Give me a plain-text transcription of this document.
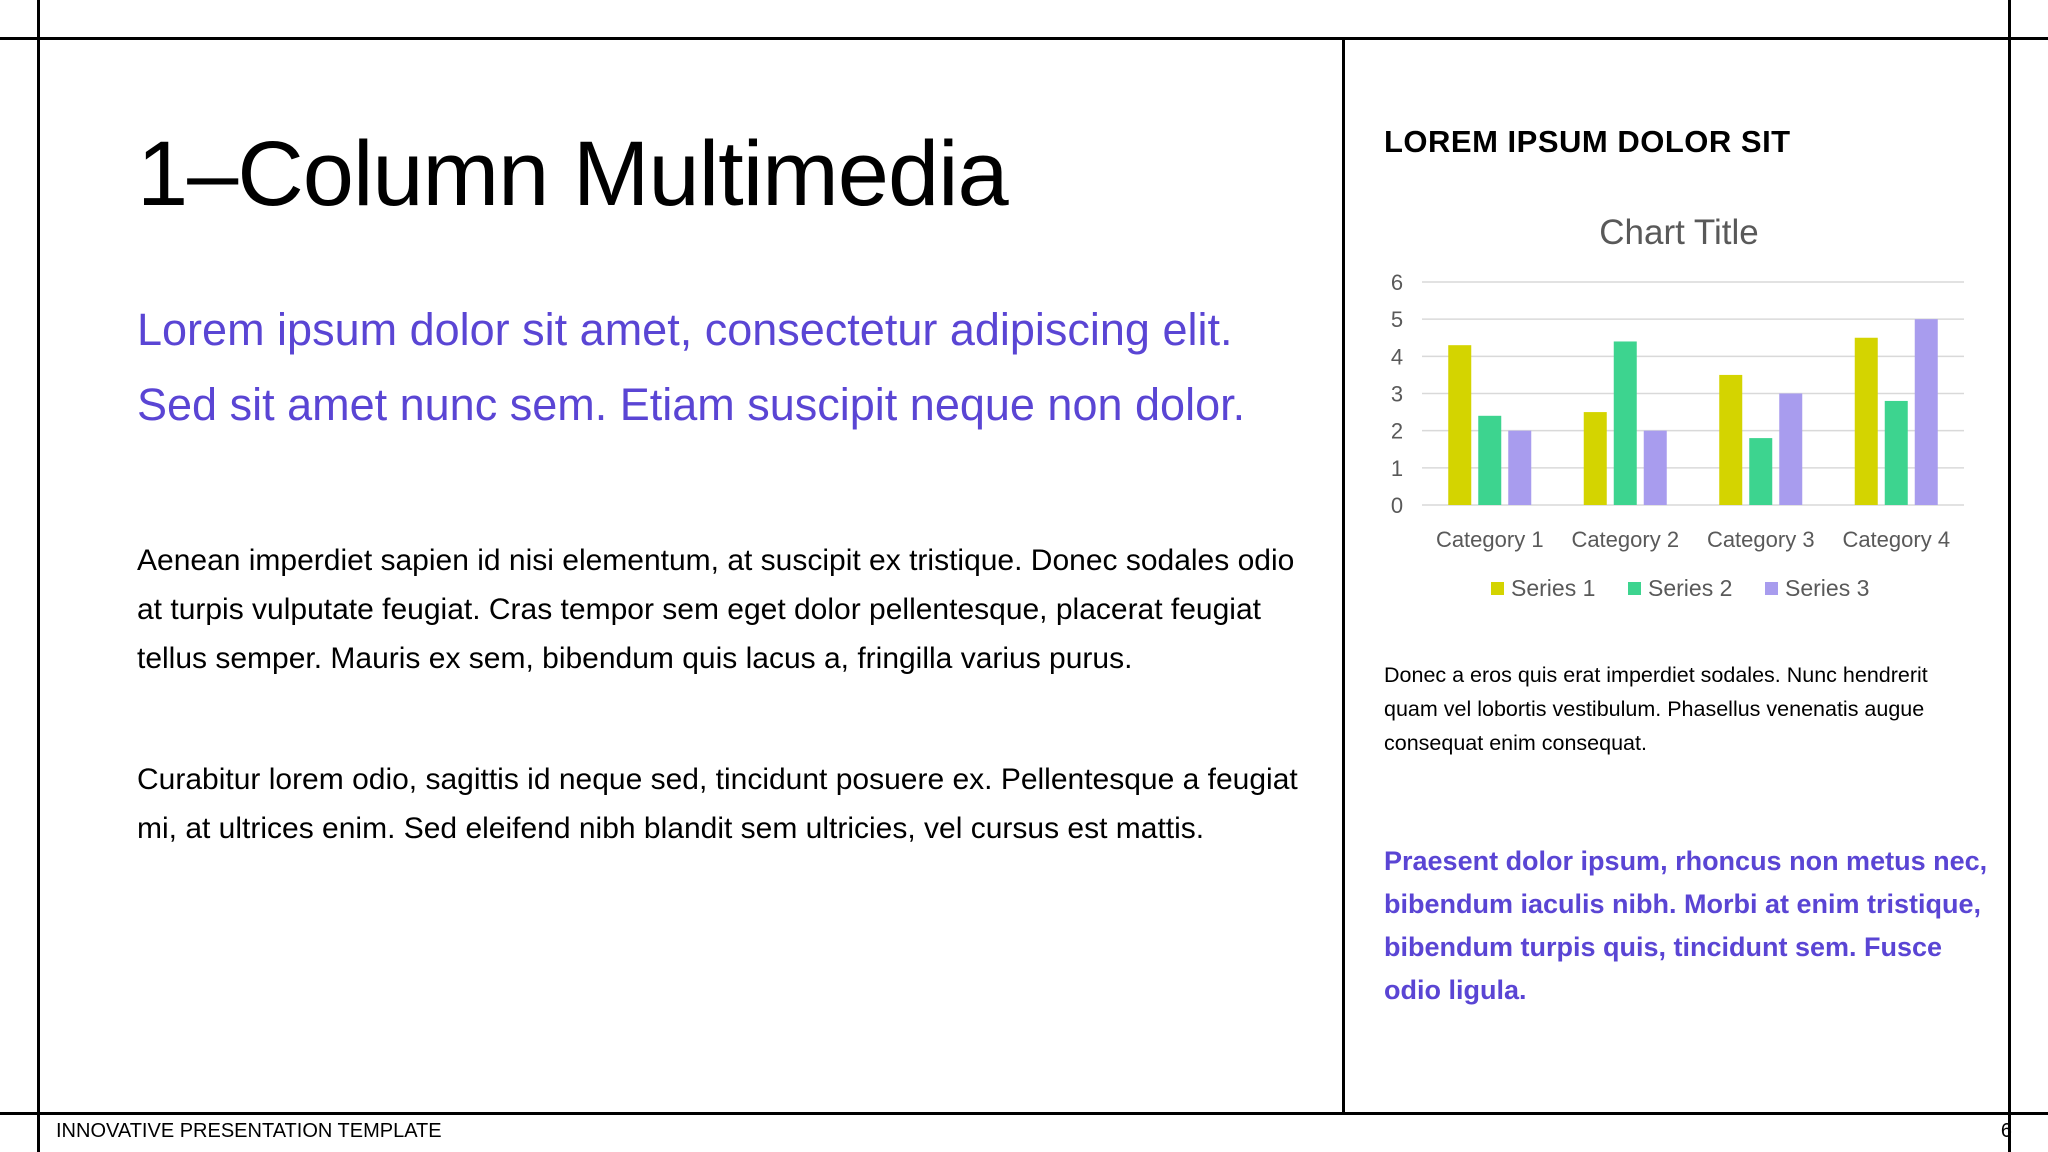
1–Column Multimedia

Lorem ipsum dolor sit amet, consectetur adipiscing elit. Sed sit amet nunc sem. Etiam suscipit neque non dolor.

Aenean imperdiet sapien id nisi elementum, at suscipit ex tristique. Donec sodales odio at turpis vulputate feugiat. Cras tempor sem eget dolor pellentesque, placerat feugiat tellus semper. Mauris ex sem, bibendum quis lacus a, fringilla varius purus.

Curabitur lorem odio, sagittis id neque sed, tincidunt posuere ex. Pellentesque a feugiat mi, at ultrices enim. Sed eleifend nibh blandit sem ultricies, vel cursus est mattis.

LOREM IPSUM DOLOR SIT
Chart Title
0
1
2
3
4
5
6
Category 1 Category 2 Category 3 Category 4
Series 1 Series 2 Series 3

Donec a eros quis erat imperdiet sodales. Nunc hendrerit quam vel lobortis vestibulum. Phasellus venenatis augue consequat enim consequat.

Praesent dolor ipsum, rhoncus non metus nec, bibendum iaculis nibh. Morbi at enim tristique, bibendum turpis quis, tincidunt sem. Fusce odio ligula.

INNOVATIVE PRESENTATION TEMPLATE	6
